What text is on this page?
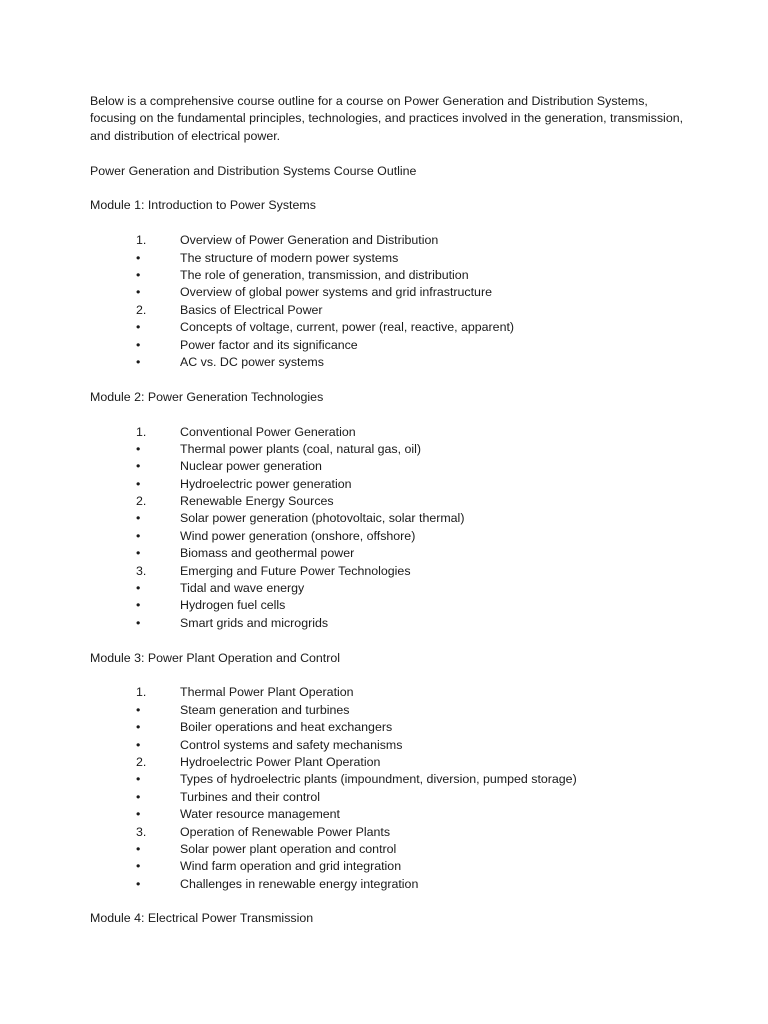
Below is a comprehensive course outline for a course on Power Generation and Distribution Systems, focusing on the fundamental principles, technologies, and practices involved in the generation, transmission, and distribution of electrical power.

Power Generation and Distribution Systems Course Outline

Module 1: Introduction to Power Systems

1.	Overview of Power Generation and Distribution
•	The structure of modern power systems
•	The role of generation, transmission, and distribution
•	Overview of global power systems and grid infrastructure
2.	Basics of Electrical Power
•	Concepts of voltage, current, power (real, reactive, apparent)
•	Power factor and its significance
•	AC vs. DC power systems

Module 2: Power Generation Technologies

1.	Conventional Power Generation
•	Thermal power plants (coal, natural gas, oil)
•	Nuclear power generation
•	Hydroelectric power generation
2.	Renewable Energy Sources
•	Solar power generation (photovoltaic, solar thermal)
•	Wind power generation (onshore, offshore)
•	Biomass and geothermal power
3.	Emerging and Future Power Technologies
•	Tidal and wave energy
•	Hydrogen fuel cells
•	Smart grids and microgrids

Module 3: Power Plant Operation and Control

1.	Thermal Power Plant Operation
•	Steam generation and turbines
•	Boiler operations and heat exchangers
•	Control systems and safety mechanisms
2.	Hydroelectric Power Plant Operation
•	Types of hydroelectric plants (impoundment, diversion, pumped storage)
•	Turbines and their control
•	Water resource management
3.	Operation of Renewable Power Plants
•	Solar power plant operation and control
•	Wind farm operation and grid integration
•	Challenges in renewable energy integration

Module 4: Electrical Power Transmission
